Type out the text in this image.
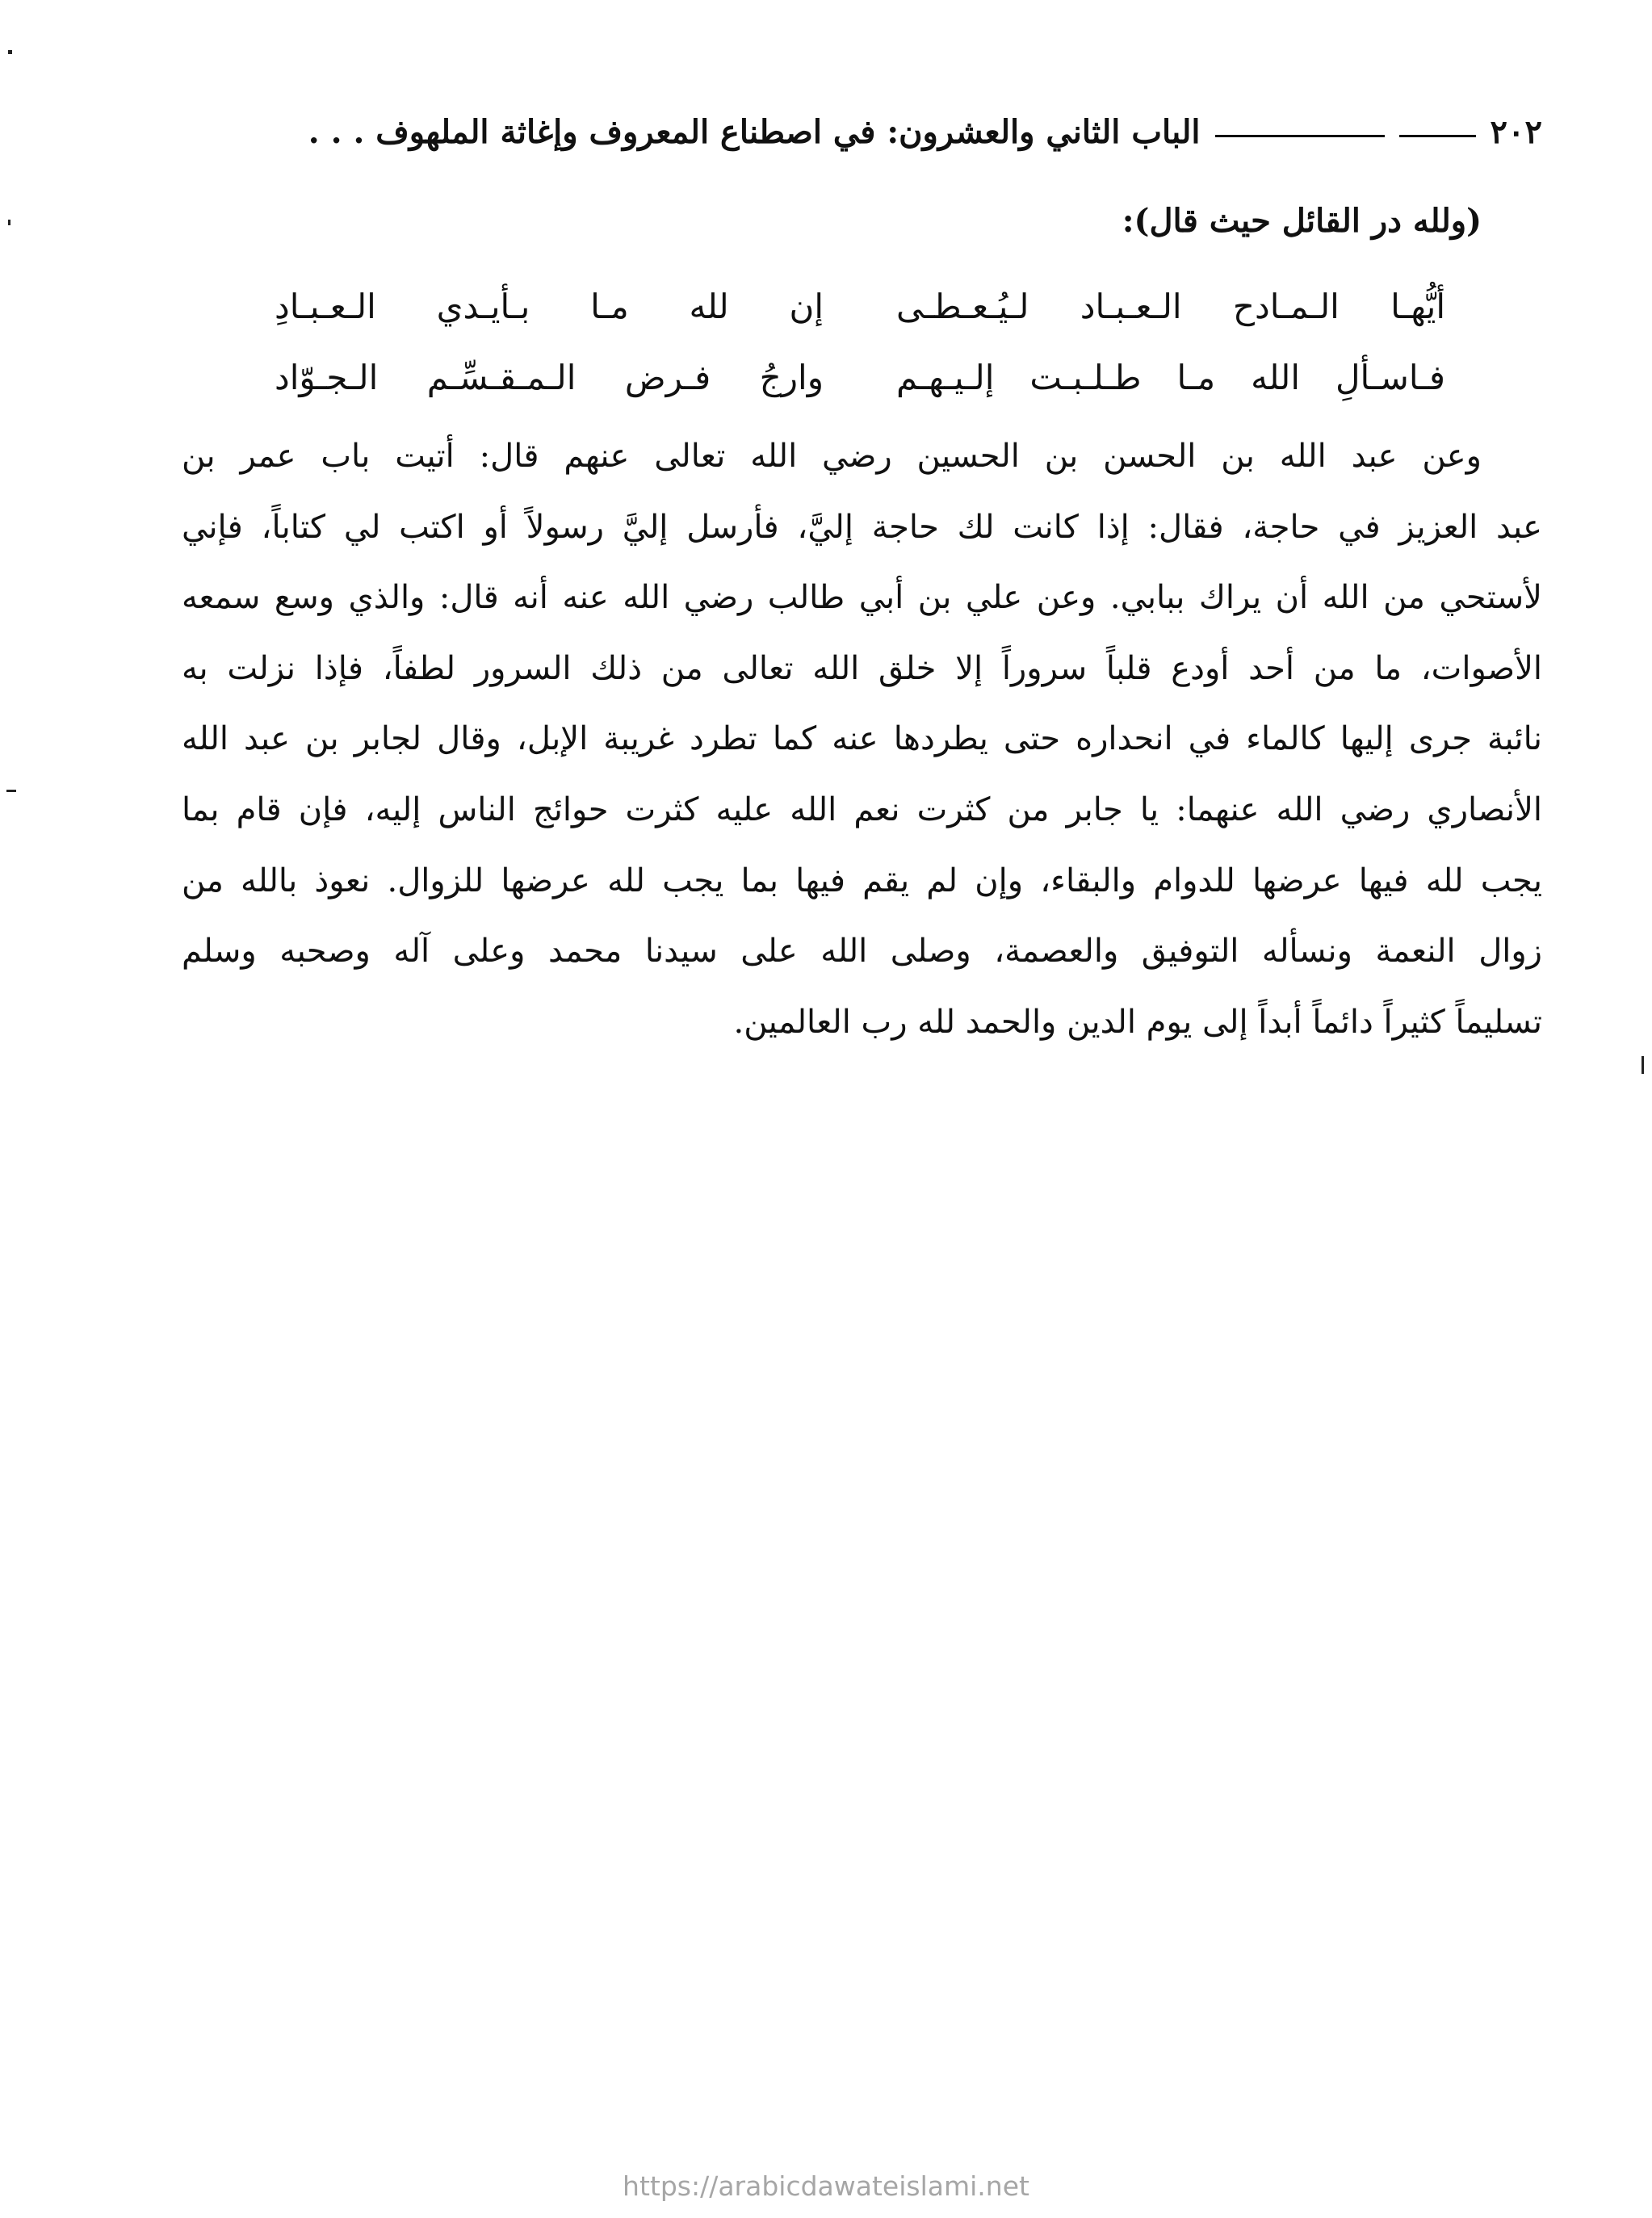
٢٠٢
الباب الثاني والعشرون: في اصطناع المعروف وإغاثة الملهوف . . .
(ولله در القائل حيث قال):
أيُّهـا الـمـادح الـعـبـاد لـيُـعـطـى
إن لله مـا بـأيـدي الـعـبـادِ
فـاسـألِ الله مـا طـلـبـت إلـيـهـم
وارجُ فـرض الـمـقـسِّـم الـجـوّاد
وعن عبد الله بن الحسن بن الحسين رضي الله تعالى عنهم قال: أتيت باب عمر بن
عبد العزيز في حاجة، فقال: إذا كانت لك حاجة إليَّ، فأرسل إليَّ رسولاً أو اكتب لي كتاباً، فإني
لأستحي من الله أن يراك ببابي. وعن علي بن أبي طالب رضي الله عنه أنه قال: والذي وسع سمعه
الأصوات، ما من أحد أودع قلباً سروراً إلا خلق الله تعالى من ذلك السرور لطفاً، فإذا نزلت به
نائبة جرى إليها كالماء في انحداره حتى يطردها عنه كما تطرد غريبة الإبل، وقال لجابر بن عبد الله
الأنصاري رضي الله عنهما: يا جابر من كثرت نعم الله عليه كثرت حوائج الناس إليه، فإن قام بما
يجب لله فيها عرضها للدوام والبقاء، وإن لم يقم فيها بما يجب لله عرضها للزوال. نعوذ بالله من
زوال النعمة ونسأله التوفيق والعصمة، وصلى الله على سيدنا محمد وعلى آله وصحبه وسلم
تسليماً كثيراً دائماً أبداً إلى يوم الدين والحمد لله رب العالمين.
https://arabicdawateislami.net
